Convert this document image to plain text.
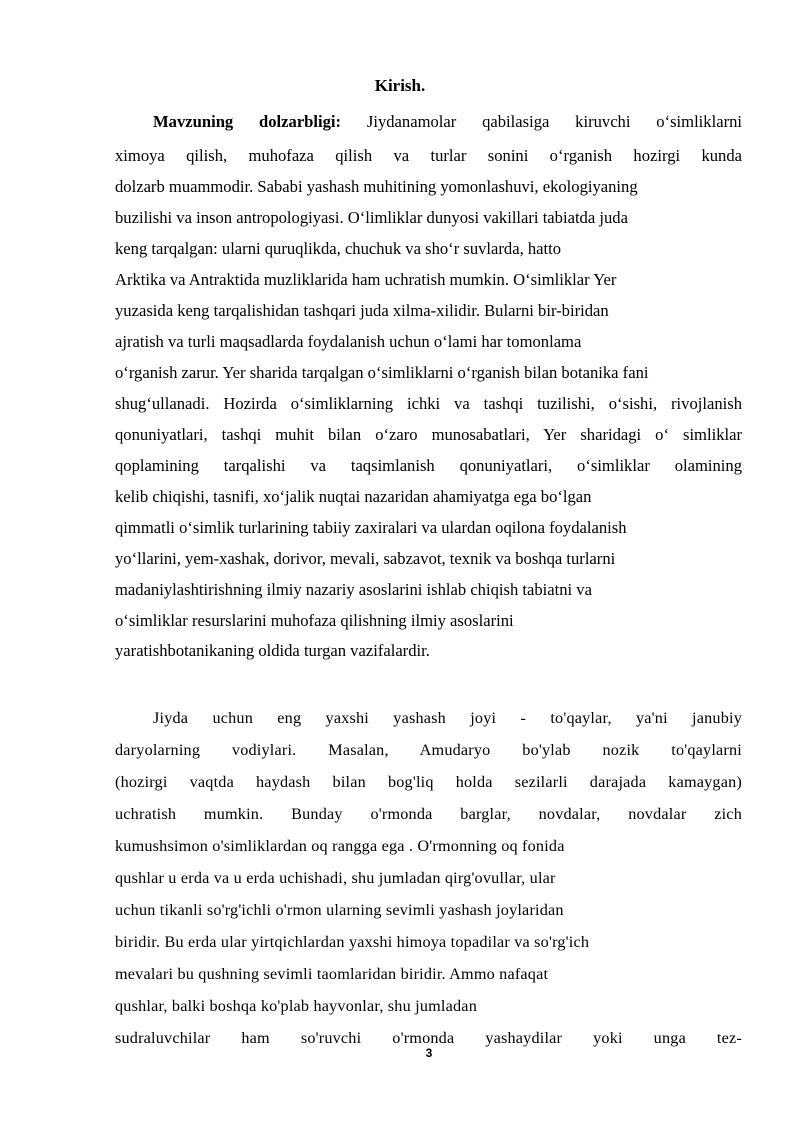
Kirish.
Mavzuning dolzarbligi: Jiydanamolar qabilasiga kiruvchi o‘simliklarni
ximoya qilish, muhofaza qilish va turlar sonini o‘rganish hozirgi kunda
dolzarb muammodir. Sababi yashash muhitining yomonlashuvi, ekologiyaning
buzilishi va inson antropologiyasi. O‘limliklar dunyosi vakillari tabiatda juda
keng tarqalgan: ularni quruqlikda, chuchuk va sho‘r suvlarda, hatto
Arktika va Antraktida muzliklarida ham uchratish mumkin. O‘simliklar Yer
yuzasida keng tarqalishidan tashqari juda xilma-xilidir. Bularni bir-biridan
ajratish va turli maqsadlarda foydalanish uchun o‘lami har tomonlama
o‘rganish zarur. Yer sharida tarqalgan o‘simliklarni o‘rganish bilan botanika fani
shug‘ullanadi. Hozirda o‘simliklarning ichki va tashqi tuzilishi, o‘sishi, rivojlanish
qonuniyatlari, tashqi muhit bilan o‘zaro munosabatlari, Yer sharidagi o‘ simliklar
qoplamining tarqalishi va taqsimlanish qonuniyatlari, o‘simliklar olamining
kelib chiqishi, tasnifi, xo‘jalik nuqtai nazaridan ahamiyatga ega bo‘lgan
qimmatli o‘simlik turlarining tabiiy zaxiralari va ulardan oqilona foydalanish
yo‘llarini, yem-xashak, dorivor, mevali, sabzavot, texnik va boshqa turlarni
madaniylashtirishning ilmiy nazariy asoslarini ishlab chiqish tabiatni va
o‘simliklar resurslarini muhofaza qilishning ilmiy asoslarini
yaratishbotanikaning oldida turgan vazifalardir.
Jiyda uchun eng yaxshi yashash joyi - to'qaylar, ya'ni janubiy
daryolarning vodiylari. Masalan, Amudaryo bo'ylab nozik to'qaylarni
(hozirgi vaqtda haydash bilan bog'liq holda sezilarli darajada kamaygan)
uchratish mumkin. Bunday o'rmonda barglar, novdalar, novdalar zich
kumushsimon o'simliklardan oq rangga ega . O'rmonning oq fonida
qushlar u erda va u erda uchishadi, shu jumladan qirg'ovullar, ular
uchun tikanli so'rg'ichli o'rmon ularning sevimli yashash joylaridan
biridir. Bu erda ular yirtqichlardan yaxshi himoya topadilar va so'rg'ich
mevalari bu qushning sevimli taomlaridan biridir. Ammo nafaqat
qushlar, balki boshqa ko'plab hayvonlar, shu jumladan
sudraluvchilar ham so'ruvchi o'rmonda yashaydilar yoki unga tez-
3
